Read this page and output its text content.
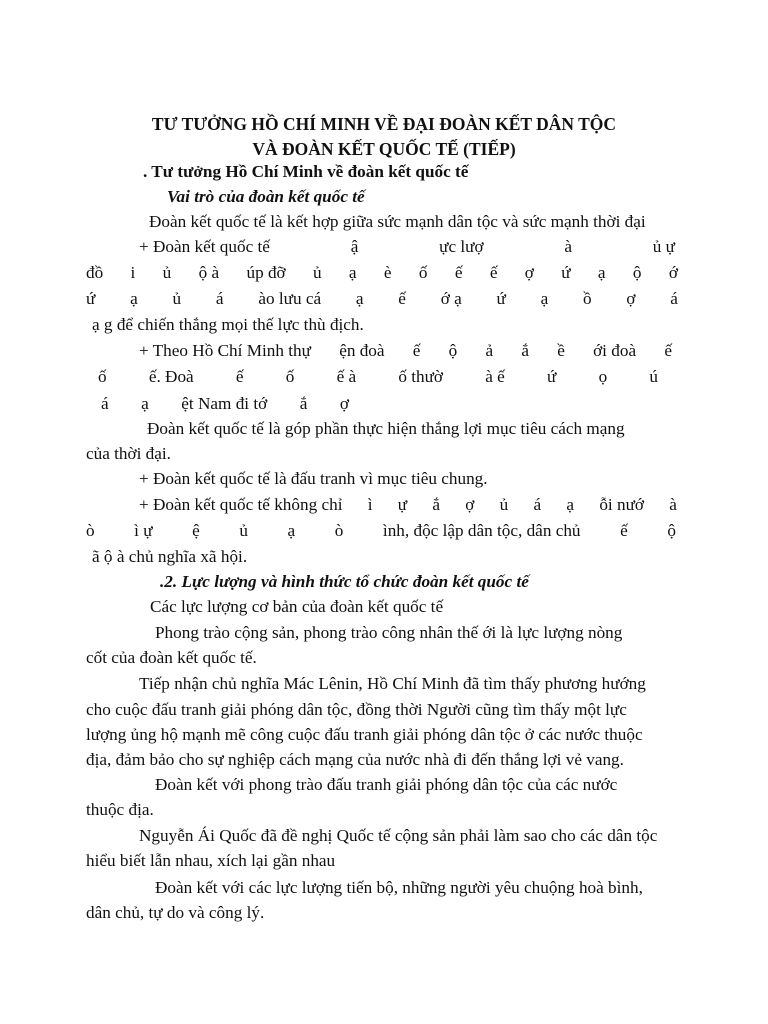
TƯ TƯỞNG HỒ CHÍ MINH VỀ ĐẠI ĐOÀN KẾT DÂN TỘC
VÀ ĐOÀN KẾT QUỐC TẾ (TIẾP)
. Tư tưởng Hồ Chí Minh về đoàn kết quốc tế
Vai trò của đoàn kết quốc tế
Đoàn kết quốc tế là kết hợp giữa sức mạnh dân tộc và sức mạnh thời đại
+ Đoàn kết quốc tế	ậ	ực lượ	à	ủ ự
đồ i ủ ộ à úp đỡ ủ ạ è ố ế ế ợ ứ ạ ộ ớ
ứ ạ ủ á ào lưu cá ạ ế ớ ạ ứ ạ ồ ợ á
ạ g để chiến thắng mọi thế lực thù địch.
+ Theo Hồ Chí Minh thự ện đoà ế ộ ả ắ ề ới đoà ế
ố ế. Đoà ế ố ế à ố thườ à ế ứ ọ ú
á ạ ệt Nam đi tớ ắ ợ
Đoàn kết quốc tế là góp phần thực hiện thắng lợi mục tiêu cách mạng
của thời đại.
+ Đoàn kết quốc tế là đấu tranh vì mục tiêu chung.
+ Đoàn kết quốc tế không chỉ ì ự ắ ợ ủ á ạ ỗi nướ à
ò ì ự ệ ủ ạ ò ình, độc lập dân tộc, dân chủ ế ộ
ã ộ à chủ nghĩa xã hội.
.2. Lực lượng và hình thức tổ chức đoàn kết quốc tế
Các lực lượng cơ bản của đoàn kết quốc tế
Phong trào cộng sản, phong trào công nhân thế ới là lực lượng nòng
cốt của đoàn kết quốc tế.
Tiếp nhận chủ nghĩa Mác Lênin, Hồ Chí Minh đã tìm thấy phương hướng
cho cuộc đấu tranh giải phóng dân tộc, đồng thời Người cũng tìm thấy một lực
lượng ủng hộ mạnh mẽ công cuộc đấu tranh giải phóng dân tộc ở các nước thuộc
địa, đảm bảo cho sự nghiệp cách mạng của nước nhà đi đến thắng lợi vẻ vang.
Đoàn kết với phong trào đấu tranh giải phóng dân tộc của các nước
thuộc địa.
Nguyễn Ái Quốc đã đề nghị Quốc tế cộng sản phải làm sao cho các dân tộc
hiểu biết lẫn nhau, xích lại gần nhau
Đoàn kết với các lực lượng tiến bộ, những người yêu chuộng hoà bình,
dân chủ, tự do và công lý.
